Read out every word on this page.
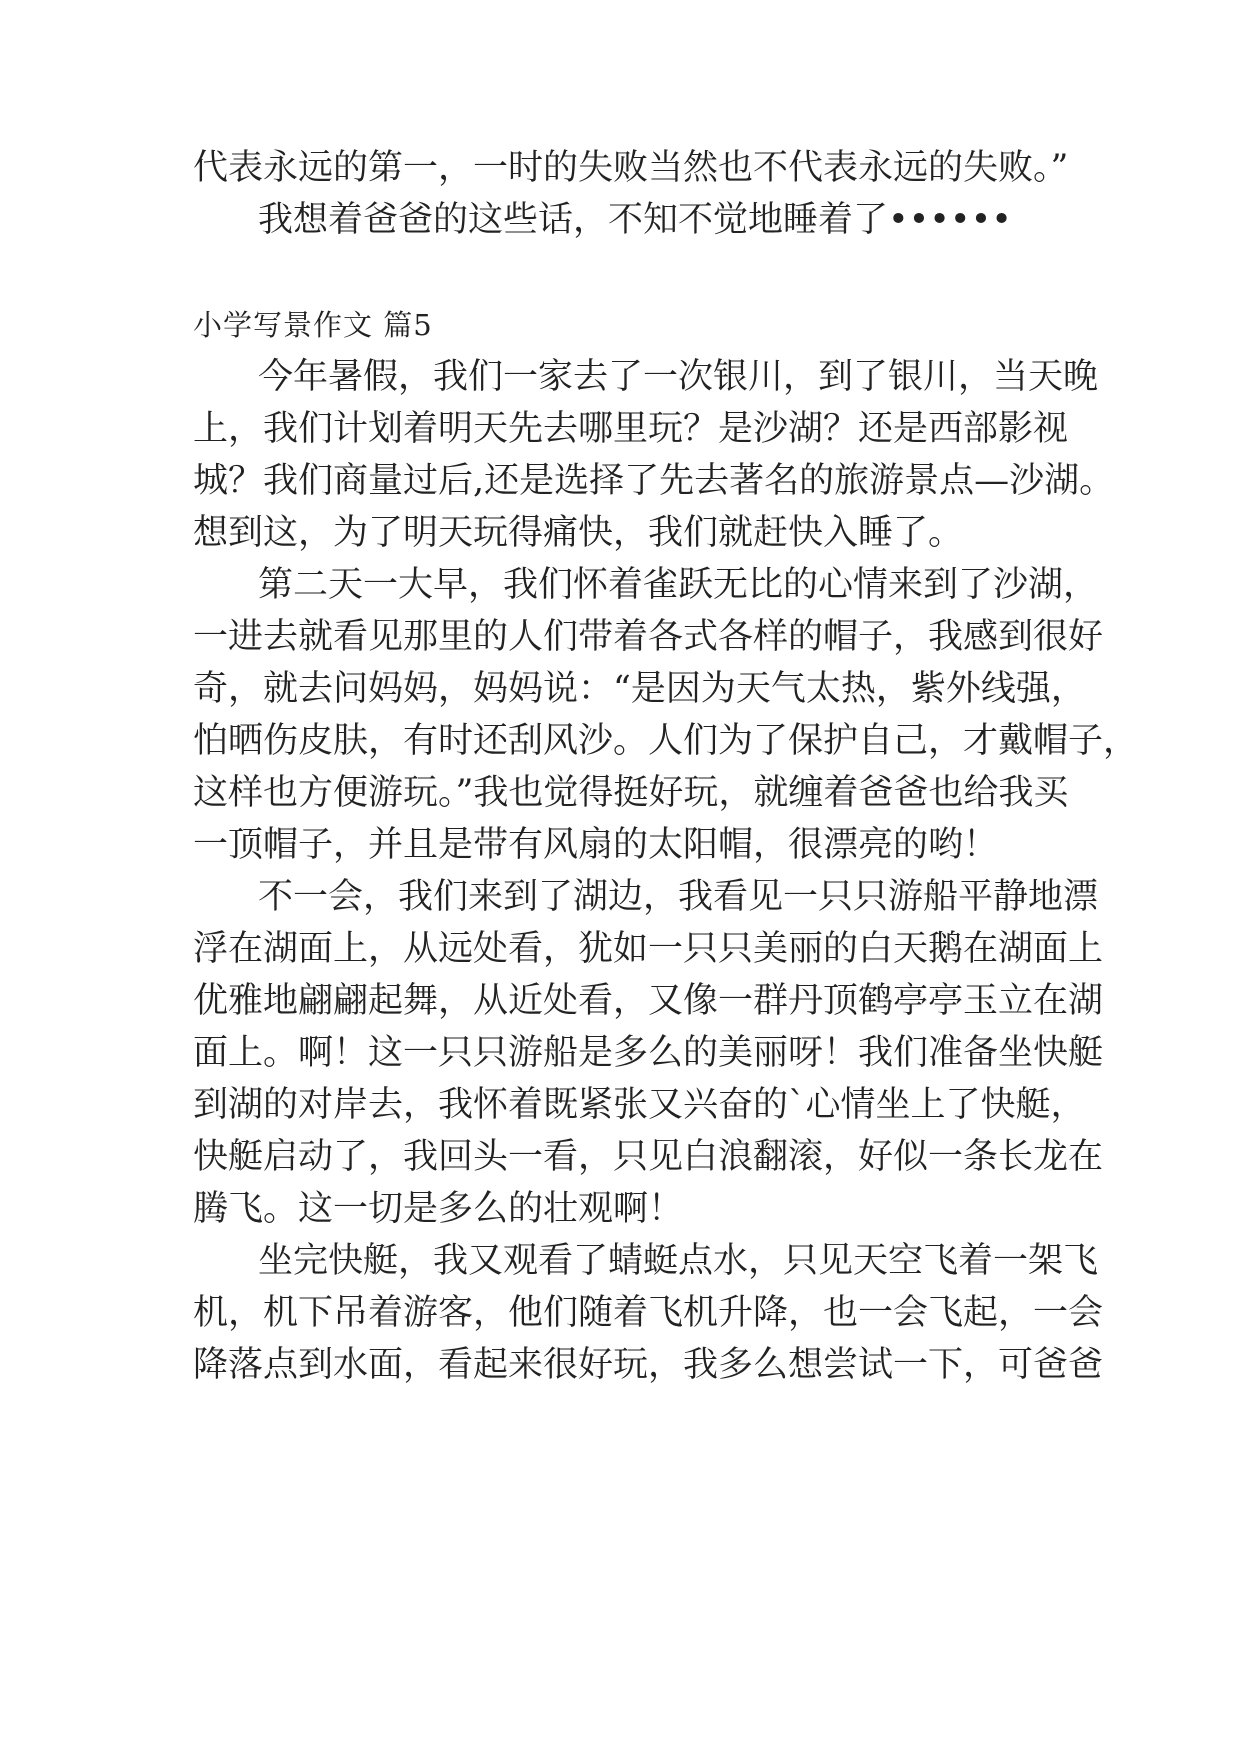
代表永远的第一，一时的失败当然也不代表永远的失败。”
我想着爸爸的这些话，不知不觉地睡着了••••••
小学写景作文 篇5
今年暑假，我们一家去了一次银川，到了银川，当天晚
上，我们计划着明天先去哪里玩？是沙湖？还是西部影视
城？我们商量过后,还是选择了先去著名的旅游景点—沙湖。
想到这，为了明天玩得痛快，我们就赶快入睡了。
第二天一大早，我们怀着雀跃无比的心情来到了沙湖，
一进去就看见那里的人们带着各式各样的帽子，我感到很好
奇，就去问妈妈，妈妈说：“是因为天气太热，紫外线强，
怕晒伤皮肤，有时还刮风沙。人们为了保护自己，才戴帽子，
这样也方便游玩。”我也觉得挺好玩，就缠着爸爸也给我买
一顶帽子，并且是带有风扇的太阳帽，很漂亮的哟！
不一会，我们来到了湖边，我看见一只只游船平静地漂
浮在湖面上，从远处看，犹如一只只美丽的白天鹅在湖面上
优雅地翩翩起舞，从近处看，又像一群丹顶鹤亭亭玉立在湖
面上。啊！这一只只游船是多么的美丽呀！我们准备坐快艇
到湖的对岸去，我怀着既紧张又兴奋的`心情坐上了快艇，
快艇启动了，我回头一看，只见白浪翻滚，好似一条长龙在
腾飞。这一切是多么的壮观啊！
坐完快艇，我又观看了蜻蜓点水，只见天空飞着一架飞
机，机下吊着游客，他们随着飞机升降，也一会飞起，一会
降落点到水面，看起来很好玩，我多么想尝试一下，可爸爸
